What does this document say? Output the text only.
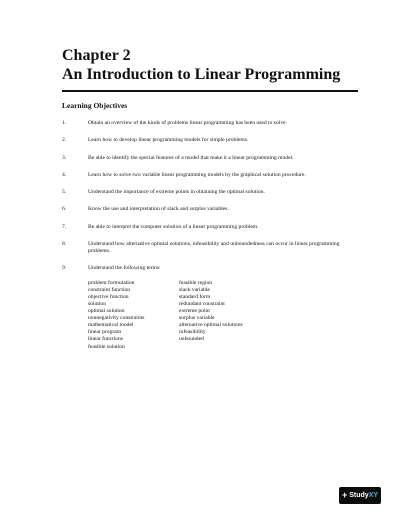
Chapter 2
An Introduction to Linear Programming
Learning Objectives
1.	Obtain an overview of the kinds of problems linear programming has been used to solve.
2.	Learn how to develop linear programming models for simple problems.
3.	Be able to identify the special features of a model that make it a linear programming model.
4.	Learn how to solve two variable linear programming models by the graphical solution procedure.
5.	Understand the importance of extreme points in obtaining the optimal solution.
6.	Know the use and interpretation of slack and surplus variables.
7.	Be able to interpret the computer solution of a linear programming problem.
8.	Understand how alternative optimal solutions, infeasibility and unboundedness can occur in linear programming problems.
9.	Understand the following terms:
problem formulation
constraint function
objective function
solution
optimal solution
nonnegativity constraints
mathematical model
linear program
linear functions
feasible solution
feasible region
slack variable
standard form
redundant constraint
extreme point
surplus variable
alternative optimal solutions
infeasibility
unbounded
+ Study XY
